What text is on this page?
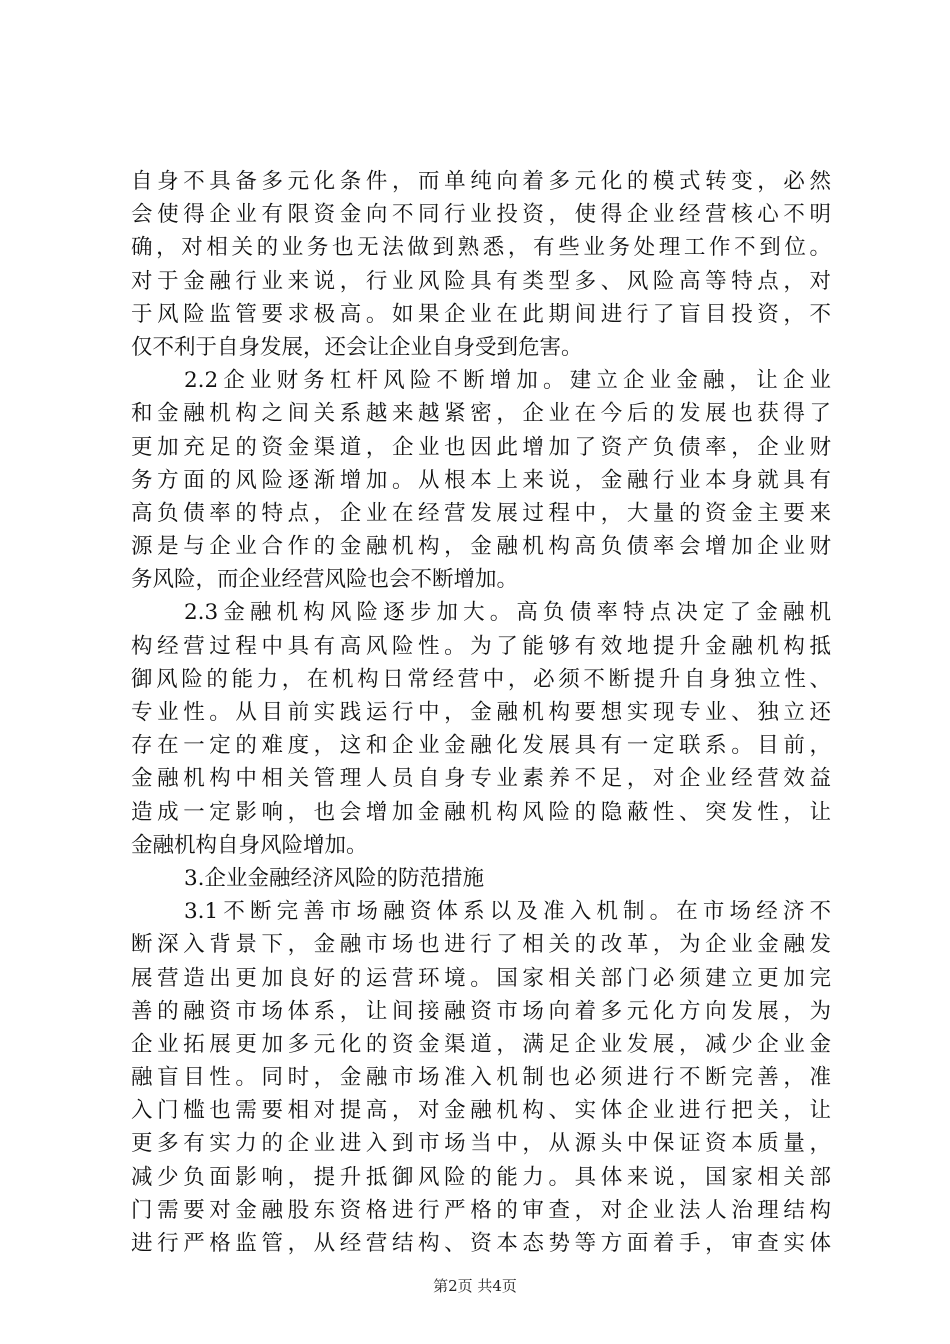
自身不具备多元化条件，而单纯向着多元化的模式转变，必然
会使得企业有限资金向不同行业投资，使得企业经营核心不明
确，对相关的业务也无法做到熟悉，有些业务处理工作不到位。
对于金融行业来说，行业风险具有类型多、风险高等特点，对
于风险监管要求极高。如果企业在此期间进行了盲目投资，不
仅不利于自身发展，还会让企业自身受到危害。
2.2企业财务杠杆风险不断增加。建立企业金融，让企业
和金融机构之间关系越来越紧密，企业在今后的发展也获得了
更加充足的资金渠道，企业也因此增加了资产负债率，企业财
务方面的风险逐渐增加。从根本上来说，金融行业本身就具有
高负债率的特点，企业在经营发展过程中，大量的资金主要来
源是与企业合作的金融机构，金融机构高负债率会增加企业财
务风险，而企业经营风险也会不断增加。
2.3金融机构风险逐步加大。高负债率特点决定了金融机
构经营过程中具有高风险性。为了能够有效地提升金融机构抵
御风险的能力，在机构日常经营中，必须不断提升自身独立性、
专业性。从目前实践运行中，金融机构要想实现专业、独立还
存在一定的难度，这和企业金融化发展具有一定联系。目前，
金融机构中相关管理人员自身专业素养不足，对企业经营效益
造成一定影响，也会增加金融机构风险的隐蔽性、突发性，让
金融机构自身风险增加。
3.企业金融经济风险的防范措施
3.1不断完善市场融资体系以及准入机制。在市场经济不
断深入背景下，金融市场也进行了相关的改革，为企业金融发
展营造出更加良好的运营环境。国家相关部门必须建立更加完
善的融资市场体系，让间接融资市场向着多元化方向发展，为
企业拓展更加多元化的资金渠道，满足企业发展，减少企业金
融盲目性。同时，金融市场准入机制也必须进行不断完善，准
入门槛也需要相对提高，对金融机构、实体企业进行把关，让
更多有实力的企业进入到市场当中，从源头中保证资本质量，
减少负面影响，提升抵御风险的能力。具体来说，国家相关部
门需要对金融股东资格进行严格的审查，对企业法人治理结构
进行严格监管，从经营结构、资本态势等方面着手，审查实体
第2页 共4页
